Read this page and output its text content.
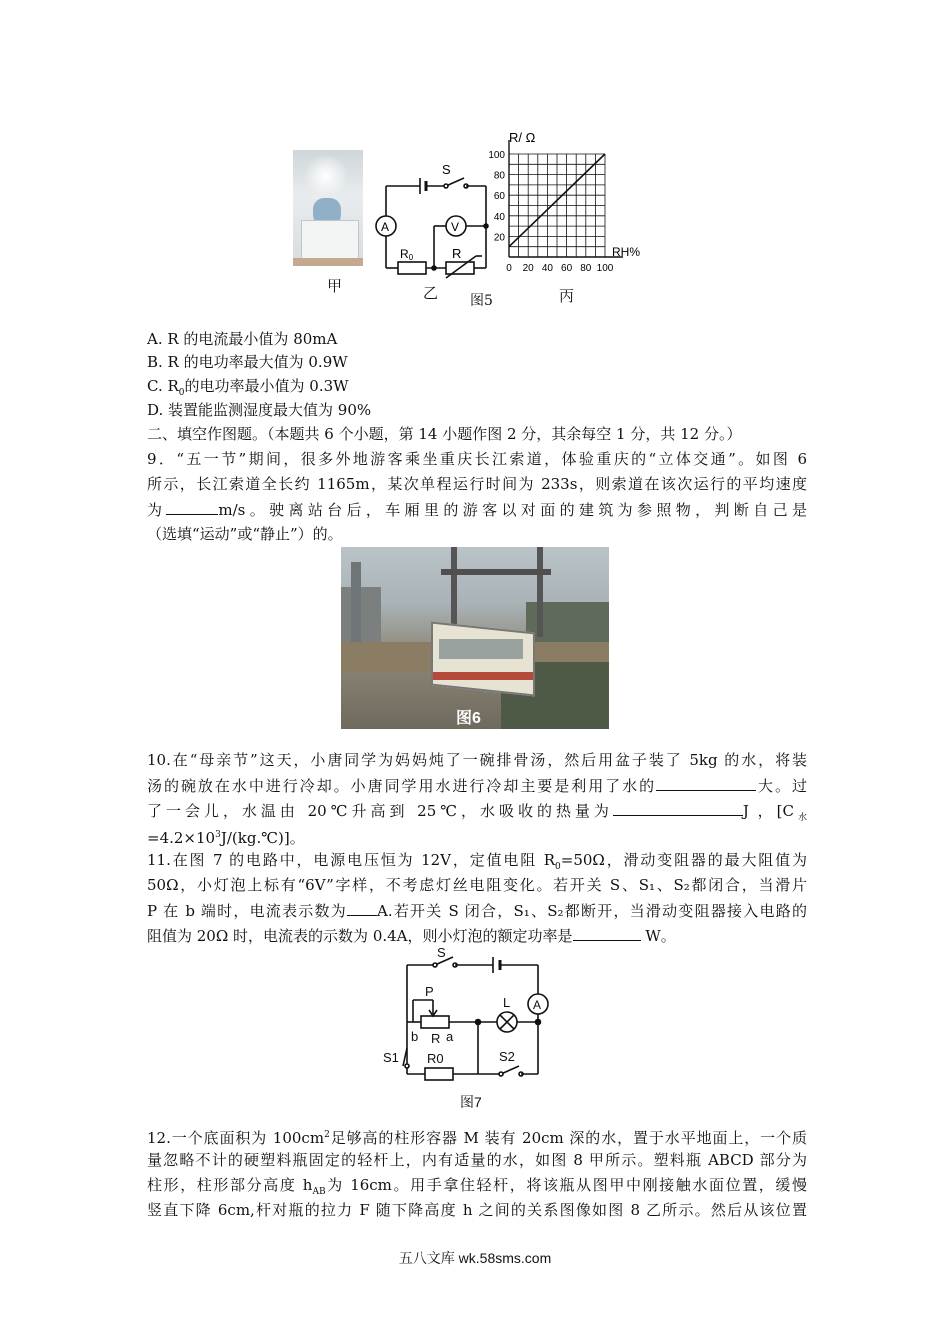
甲
S
A	V
R0	R
乙 图5
100
80
60
40
20
0 20 40 60 80 100
R/ Ω
RH%
丙
A. R 的电流最小值为 80mA
B. R 的电功率最大值为 0.9W
C. $R_0$的电功率最小值为 0.3W
D. 装置能监测湿度最大值为 90%
二、填空作图题。（本题共 6 个小题，第 14 小题作图 2 分，其余每空 1 分，共 12 分。）
9．“五一节”期间，很多外地游客乘坐重庆长江索道，体验重庆的“立体交通”。如图 6
所示，长江索道全长约 1165m，某次单程运行时间为 233s，则索道在该次运行的平均速度
为	m/s。驶离站台后，车厢里的游客以对面的建筑为参照物，判断自己是
（选填“运动”或“静止”）的。
图6
10.在“母亲节”这天，小唐同学为妈妈炖了一碗排骨汤，然后用盆子装了 5kg 的水，将装
汤的碗放在水中进行冷却。小唐同学用水进行冷却主要是利用了水的	大。过
了一会儿，水温由 20℃升高到 25℃，水吸收的热量为	J ，[$C_水$
$=4.2\times 10^3J/(kg.℃)$]。
11.在图 7 的电路中，电源电压恒为 12V，定值电阻 $R_0=50\Omega$，滑动变阻器的最大阻值为
50Ω，小灯泡上标有“6V”字样，不考虑灯丝电阻变化。若开关 S、S₁、S₂都闭合，当滑片
P 在 b 端时，电流表示数为 A.若开关 S 闭合，S₁、S₂都断开，当滑动变阻器接入电路的
阻值为 20Ω 时，电流表的示数为 0.4A，则小灯泡的额定功率是	W。
S
P
L A
b R a
S1 R0	S2
图7
12.一个底面积为 $100cm^2$足够高的柱形容器 M 装有 20cm 深的水，置于水平地面上，一个质
量忽略不计的硬塑料瓶固定的轻杆上，内有适量的水，如图 8 甲所示。塑料瓶 ABCD 部分为
柱形，柱形部分高度 $h_{AB}$为 16cm。用手拿住轻杆，将该瓶从图甲中刚接触水面位置，缓慢
竖直下降 6cm,杆对瓶的拉力 F 随下降高度 h 之间的关系图像如图 8 乙所示。然后从该位置
五八文库 wk.58sms.com
